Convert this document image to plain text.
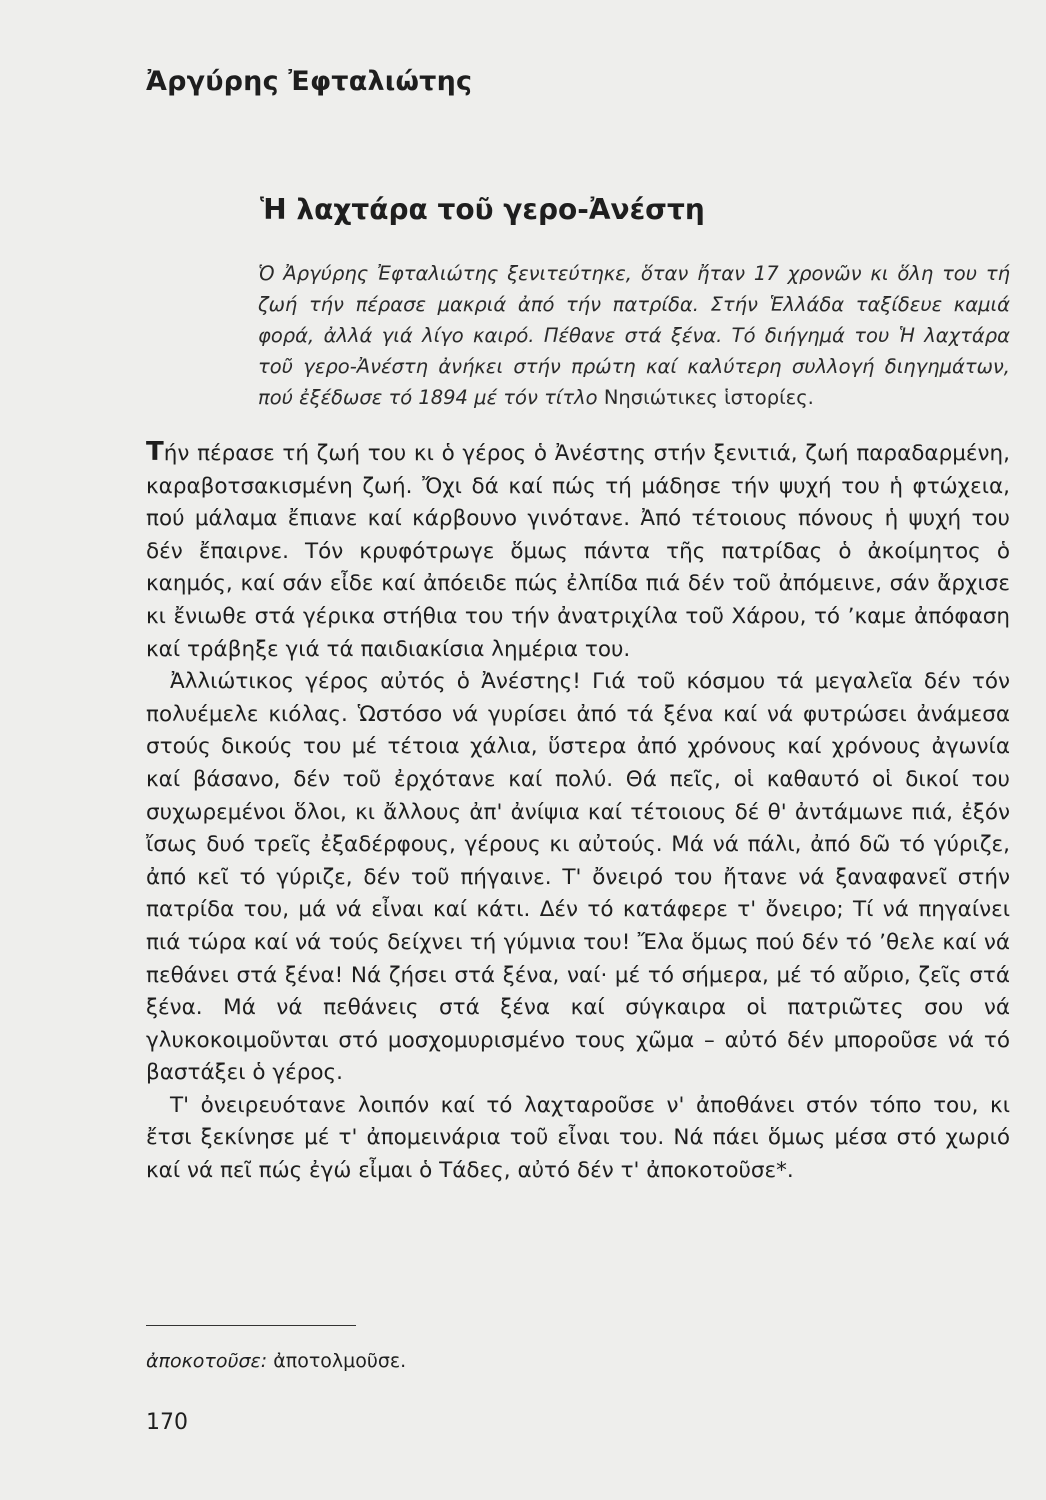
Ἀργύρης Ἐφταλιώτης
Ἡ λαχτάρα τοῦ γερο-Ἀνέστη
Ὁ Ἀργύρης Ἐφταλιώτης ξενιτεύτηκε, ὅταν ἤταν 17 χρονῶν κι ὅλη του τή ζωή τήν πέρασε μακριά ἀπό τήν πατρίδα. Στήν Ἑλλάδα ταξίδευε καμιά φορά, ἀλλά γιά λίγο καιρό. Πέθανε στά ξένα. Τό διήγημά του Ἡ λαχτάρα τοῦ γερο-Ἀνέστη ἀνήκει στήν πρώτη καί καλύτερη συλλογή διηγημάτων, πού ἐξέδωσε τό 1894 μέ τόν τίτλο Νησιώτικες ἱστορίες.

Τήν πέρασε τή ζωή του κι ὁ γέρος ὁ Ἀνέστης στήν ξενιτιά, ζωή παραδαρμένη, καραβοτσακισμένη ζωή. Ὄχι δά καί πώς τή μάδησε τήν ψυχή του ἡ φτώχεια, πού μάλαμα ἔπιανε καί κάρβουνο γινότανε. Ἀπό τέτοιους πόνους ἡ ψυχή του δέν ἔπαιρνε. Τόν κρυφότρωγε ὅμως πάντα τῆς πατρίδας ὁ ἀκοίμητος ὁ καημός, καί σάν εἶδε καί ἀπόειδε πώς ἐλπίδα πιά δέν τοῦ ἀπόμεινε, σάν ἄρχισε κι ἔνιωθε στά γέρικα στήθια του τήν ἀνατριχίλα τοῦ Χάρου, τό ʼκαμε ἀπόφαση καί τράβηξε γιά τά παιδιακίσια λημέρια του.

Ἀλλιώτικος γέρος αὐτός ὁ Ἀνέστης! Γιά τοῦ κόσμου τά μεγαλεῖα δέν τόν πολυέμελε κιόλας. Ὡστόσο νά γυρίσει ἀπό τά ξένα καί νά φυτρώσει ἀνάμεσα στούς δικούς του μέ τέτοια χάλια, ὕστερα ἀπό χρόνους καί χρόνους ἀγωνία καί βάσανο, δέν τοῦ ἐρχότανε καί πολύ. Θά πεῖς, οἱ καθαυτό οἱ δικοί του συχωρεμένοι ὅλοι, κι ἄλλους ἀπ' ἀνίψια καί τέτοιους δέ θ' ἀντάμωνε πιά, ἐξόν ἴσως δυό τρεῖς ἐξαδέρφους, γέρους κι αὐτούς. Μά νά πάλι, ἀπό δῶ τό γύριζε, ἀπό κεῖ τό γύριζε, δέν τοῦ πήγαινε. Τ' ὄνειρό του ἤτανε νά ξαναφανεῖ στήν πατρίδα του, μά νά εἶναι καί κάτι. Δέν τό κατάφερε τ' ὄνειρο; Τί νά πηγαίνει πιά τώρα καί νά τούς δείχνει τή γύμνια του! Ἔλα ὅμως πού δέν τό ʼθελε καί νά πεθάνει στά ξένα! Νά ζήσει στά ξένα, ναί· μέ τό σήμερα, μέ τό αὔριο, ζεῖς στά ξένα. Μά νά πεθάνεις στά ξένα καί σύγκαιρα οἱ πατριῶτες σου νά γλυκοκοιμοῦνται στό μοσχομυρισμένο τους χῶμα – αὐτό δέν μποροῦσε νά τό βαστάξει ὁ γέρος.

Τ' ὀνειρευότανε λοιπόν καί τό λαχταροῦσε ν' ἀποθάνει στόν τόπο του, κι ἔτσι ξεκίνησε μέ τ' ἀπομεινάρια τοῦ εἶναι του. Νά πάει ὅμως μέσα στό χωριό καί νά πεῖ πώς ἐγώ εἶμαι ὁ Τάδες, αὐτό δέν τ' ἀποκοτοῦσε*.

ἀποκοτοῦσε: ἀποτολμοῦσε.
170
